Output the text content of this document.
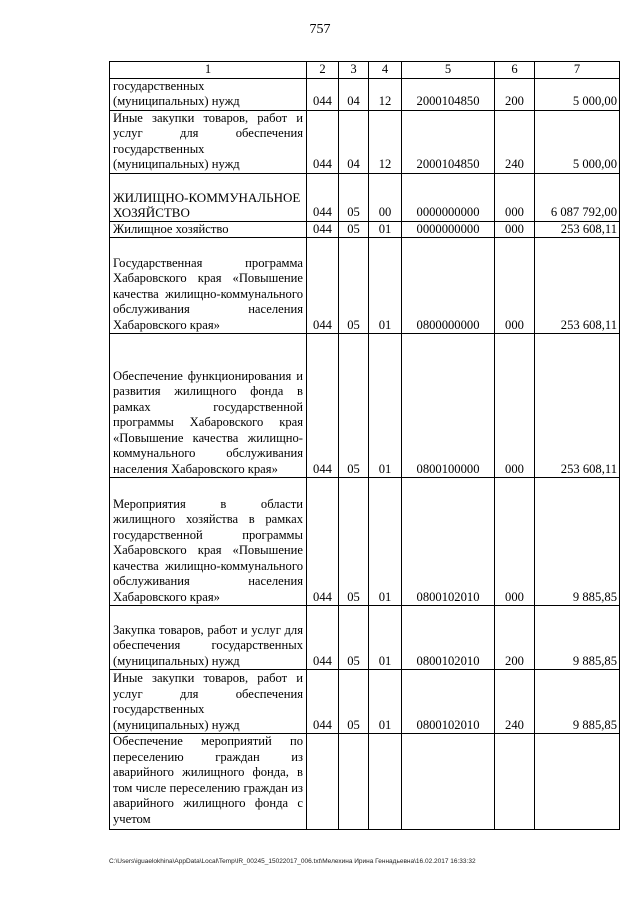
757
1	2	3	4	5	6	7
государственных (муниципальных) нужд	044	04	12	2000104850	200	5 000,00
Иные закупки товаров, работ и услуг для обеспечения государственных (муниципальных) нужд	044	04	12	2000104850	240	5 000,00
ЖИЛИЩНО-КОММУНАЛЬНОЕ ХОЗЯЙСТВО	044	05	00	0000000000	000	6 087 792,00
Жилищное хозяйство	044	05	01	0000000000	000	253 608,11
Государственная программа Хабаровского края «Повышение качества жилищно-коммунального обслуживания населения Хабаровского края»	044	05	01	0800000000	000	253 608,11
Обеспечение функционирования и развития жилищного фонда в рамках государственной программы Хабаровского края «Повышение качества жилищно-коммунального обслуживания населения Хабаровского края»	044	05	01	0800100000	000	253 608,11
Мероприятия в области жилищного хозяйства в рамках государственной программы Хабаровского края «Повышение качества жилищно-коммунального обслуживания населения Хабаровского края»	044	05	01	0800102010	000	9 885,85
Закупка товаров, работ и услуг для обеспечения государственных (муниципальных) нужд	044	05	01	0800102010	200	9 885,85
Иные закупки товаров, работ и услуг для обеспечения государственных (муниципальных) нужд	044	05	01	0800102010	240	9 885,85
Обеспечение мероприятий по переселению граждан из аварийного жилищного фонда, в том числе переселению граждан из аварийного жилищного фонда с учетом						
C:\Users\iguaelokhina\AppData\Local\Temp\IR_00245_15022017_006.txt\Мелехина Ирина Геннадьевна\16.02.2017 16:33:32
